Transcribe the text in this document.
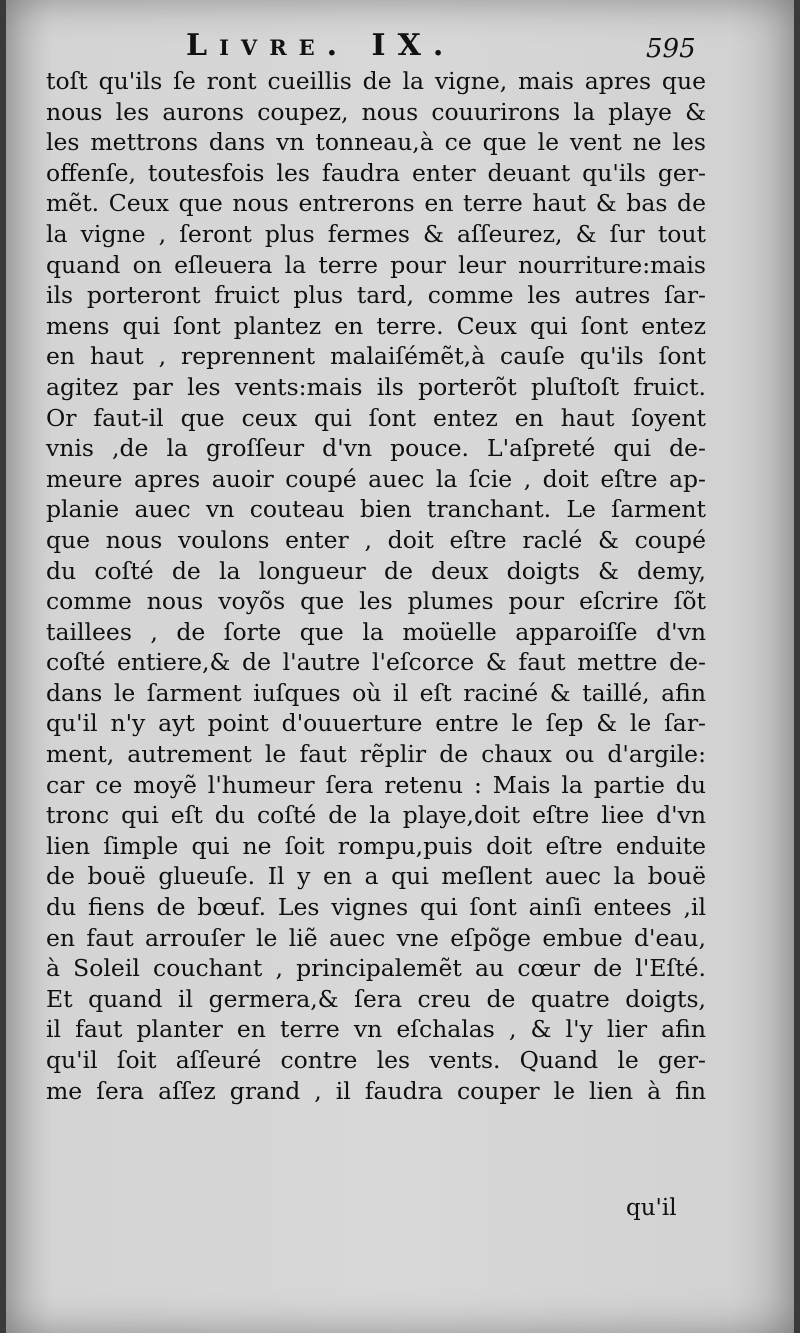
Livre. IX.	595
toſt qu'ils ſe ront cueillis de la vigne, mais apres que
nous les aurons coupez, nous couurirons la playe &
les mettrons dans vn tonneau,à ce que le vent ne les
offenſe, toutesfois les faudra enter deuant qu'ils ger-
mẽt. Ceux que nous entrerons en terre haut & bas de
la vigne , ſeront plus fermes & aſſeurez, & ſur tout
quand on eſleuera la terre pour leur nourriture:mais
ils porteront fruict plus tard, comme les autres ſar-
mens qui ſont plantez en terre. Ceux qui ſont entez
en haut , reprennent malaiſémẽt,à cauſe qu'ils ſont
agitez par les vents:mais ils porterõt pluſtoſt fruict.
Or faut-il que ceux qui ſont entez en haut ſoyent
vnis ,de la groſſeur d'vn pouce. L'aſpreté qui de-
meure apres auoir coupé auec la ſcie , doit eſtre ap-
planie auec vn couteau bien tranchant. Le ſarment
que nous voulons enter , doit eſtre raclé & coupé
du coſté de la longueur de deux doigts & demy,
comme nous voyõs que les plumes pour eſcrire ſõt
taillees , de ſorte que la moüelle apparoiſſe d'vn
coſté entiere,& de l'autre l'eſcorce & faut mettre de-
dans le ſarment iuſques où il eſt raciné & taillé, afin
qu'il n'y ayt point d'ouuerture entre le ſep & le ſar-
ment, autrement le faut rẽplir de chaux ou d'argile:
car ce moyẽ l'humeur ſera retenu : Mais la partie du
tronc qui eſt du coſté de la playe,doit eſtre liee d'vn
lien ſimple qui ne ſoit rompu,puis doit eſtre enduite
de bouë glueuſe. Il y en a qui meſlent auec la bouë
du fiens de bœuf. Les vignes qui ſont ainſi entees ,il
en faut arrouſer le liẽ auec vne eſpõge embue d'eau,
à Soleil couchant , principalemẽt au cœur de l'Eſté.
Et quand il germera,& ſera creu de quatre doigts,
il faut planter en terre vn eſchalas , & l'y lier afin
qu'il ſoit aſſeuré contre les vents. Quand le ger-
me ſera aſſez grand , il faudra couper le lien à fin
qu'il
